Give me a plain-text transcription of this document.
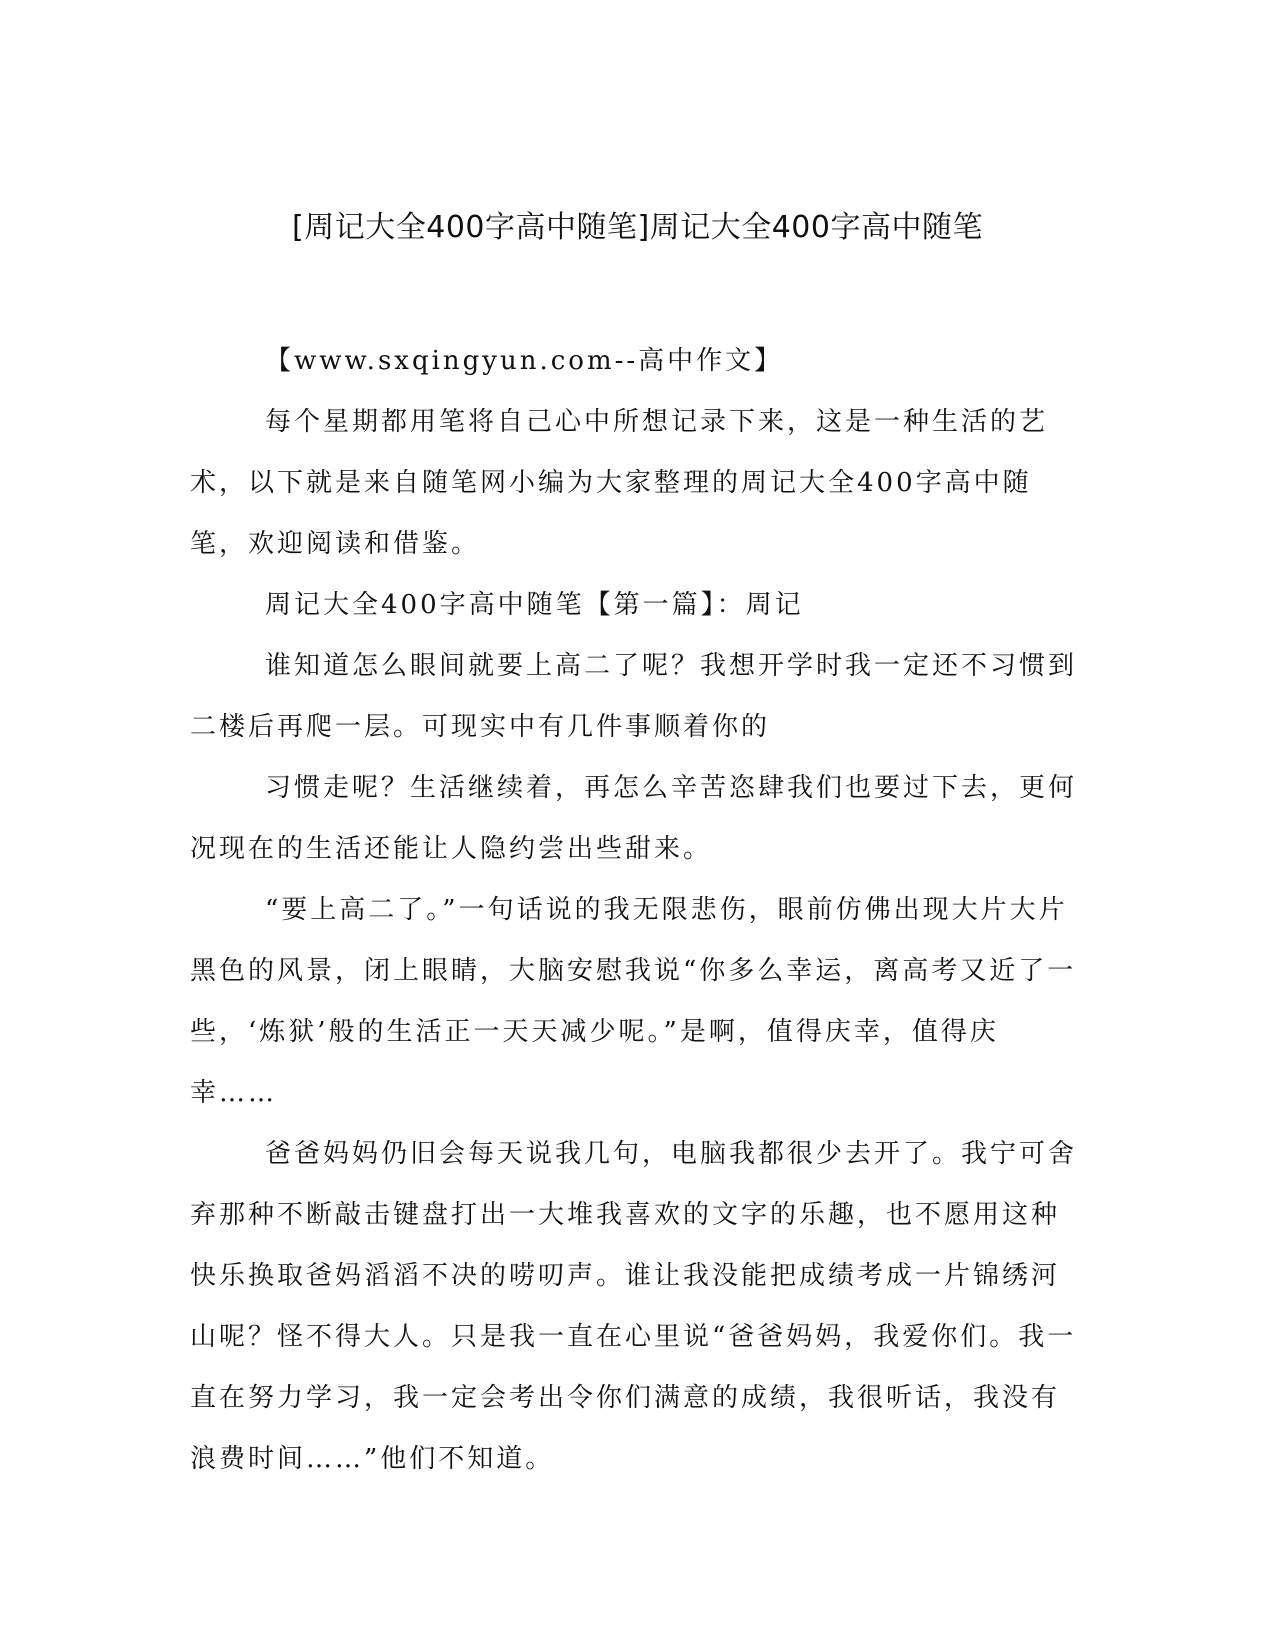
[周记大全400字高中随笔]周记大全400字高中随笔

【www.sxqingyun.com--高中作文】

每个星期都用笔将自己心中所想记录下来，这是一种生活的艺术，以下就是来自随笔网小编为大家整理的周记大全400字高中随笔，欢迎阅读和借鉴。

周记大全400字高中随笔【第一篇】：周记

谁知道怎么眼间就要上高二了呢？我想开学时我一定还不习惯到二楼后再爬一层。可现实中有几件事顺着你的

习惯走呢？生活继续着，再怎么辛苦恣肆我们也要过下去，更何况现在的生活还能让人隐约尝出些甜来。

“要上高二了。”一句话说的我无限悲伤，眼前仿佛出现大片大片黑色的风景，闭上眼睛，大脑安慰我说“你多么幸运，离高考又近了一些，‘炼狱’般的生活正一天天减少呢。”是啊，值得庆幸，值得庆幸……

爸爸妈妈仍旧会每天说我几句，电脑我都很少去开了。我宁可舍弃那种不断敲击键盘打出一大堆我喜欢的文字的乐趣，也不愿用这种快乐换取爸妈滔滔不决的唠叨声。谁让我没能把成绩考成一片锦绣河山呢？怪不得大人。只是我一直在心里说“爸爸妈妈，我爱你们。我一直在努力学习，我一定会考出令你们满意的成绩，我很听话，我没有浪费时间……”他们不知道。
